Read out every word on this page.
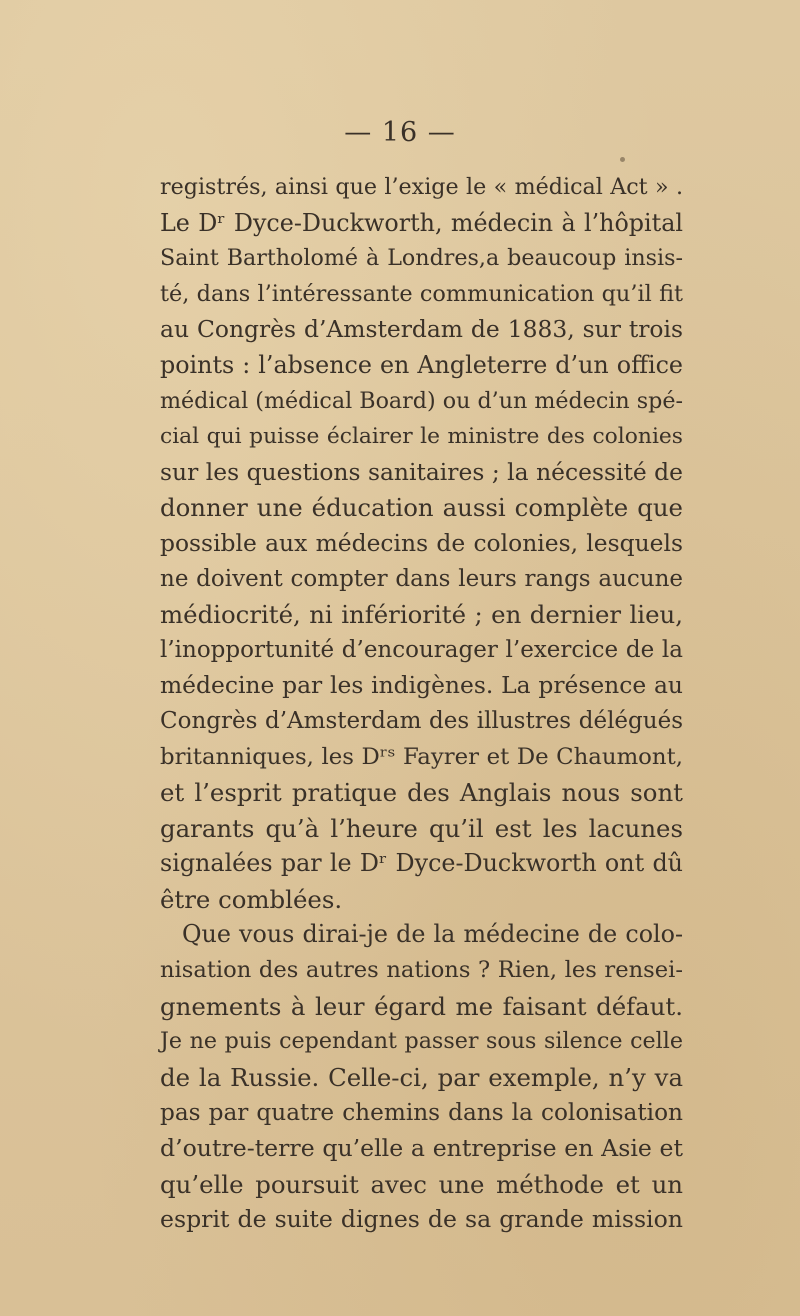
— 16 —
registrés, ainsi que l’exige le « médical Act » .
Le Dʳ Dyce-Duckworth, médecin à l’hôpital
Saint Bartholomé à Londres,a beaucoup insis-
té, dans l’intéressante communication qu’il fit
au Congrès d’Amsterdam de 1883, sur trois
points : l’absence en Angleterre d’un office
médical (médical Board) ou d’un médecin spé-
cial qui puisse éclairer le ministre des colonies
sur les questions sanitaires ; la nécessité de
donner une éducation aussi complète que
possible aux médecins de colonies, lesquels
ne doivent compter dans leurs rangs aucune
médiocrité, ni infériorité ; en dernier lieu,
l’inopportunité d’encourager l’exercice de la
médecine par les indigènes. La présence au
Congrès d’Amsterdam des illustres délégués
britanniques, les Dʳˢ Fayrer et De Chaumont,
et l’esprit pratique des Anglais nous sont
garants qu’à l’heure qu’il est les lacunes
signalées par le Dʳ Dyce-Duckworth ont dû
être comblées.
Que vous dirai-je de la médecine de colo-
nisation des autres nations ? Rien, les rensei-
gnements à leur égard me faisant défaut.
Je ne puis cependant passer sous silence celle
de la Russie. Celle-ci, par exemple, n’y va
pas par quatre chemins dans la colonisation
d’outre-terre qu’elle a entreprise en Asie et
qu’elle poursuit avec une méthode et un
esprit de suite dignes de sa grande mission
